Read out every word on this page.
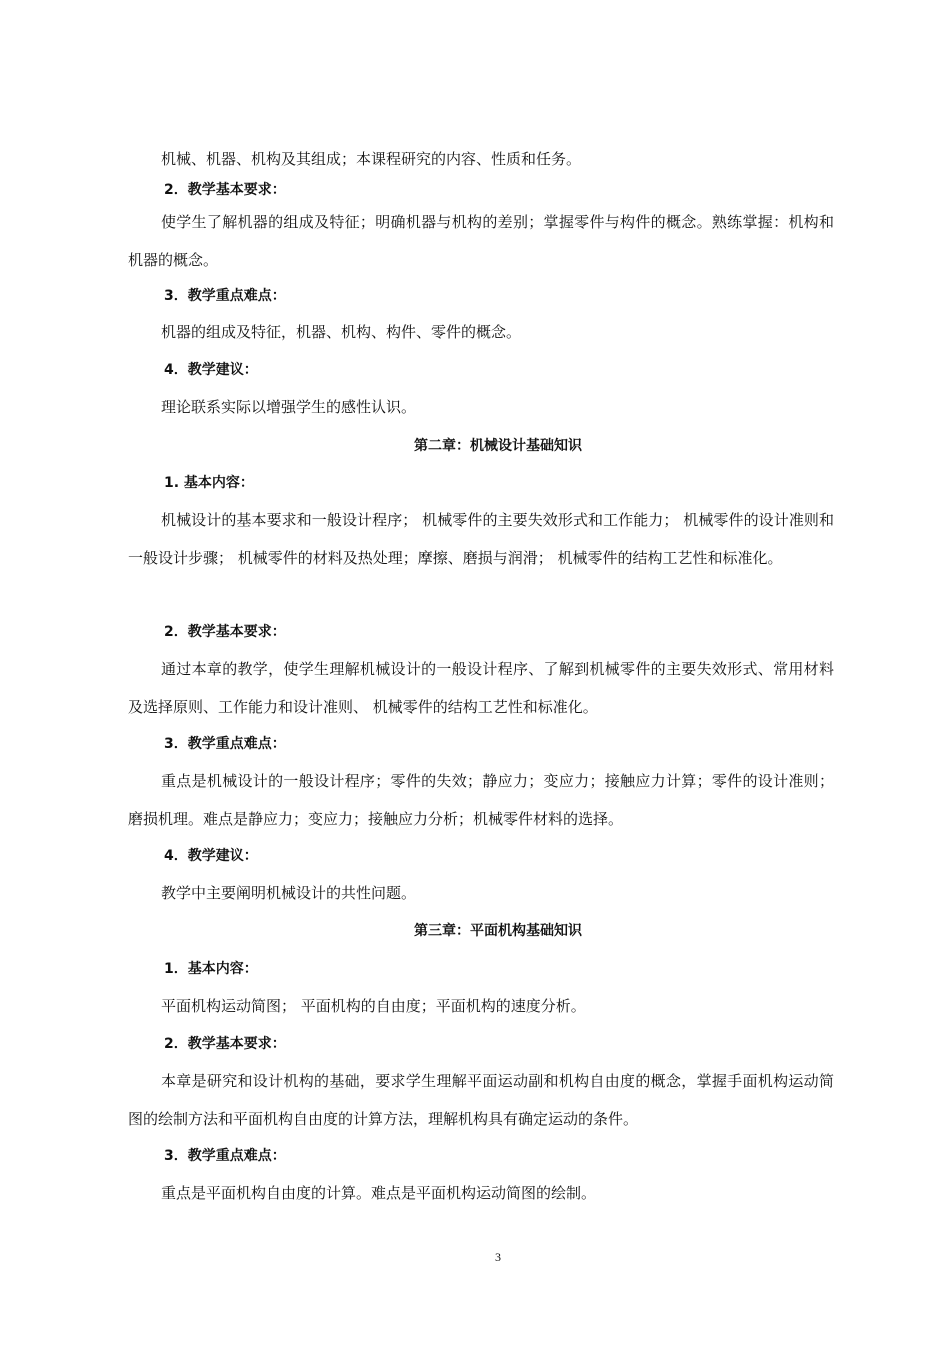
机械、机器、机构及其组成；本课程研究的内容、性质和任务。

2．教学基本要求：

使学生了解机器的组成及特征；明确机器与机构的差别；掌握零件与构件的概念。熟练掌握：机构和机器的概念。

3．教学重点难点：

机器的组成及特征，机器、机构、构件、零件的概念。

4．教学建议：

理论联系实际以增强学生的感性认识。

第二章：机械设计基础知识

1. 基本内容：

机械设计的基本要求和一般设计程序； 机械零件的主要失效形式和工作能力； 机械零件的设计准则和一般设计步骤； 机械零件的材料及热处理；摩擦、磨损与润滑； 机械零件的结构工艺性和标准化。

2．教学基本要求：

通过本章的教学，使学生理解机械设计的一般设计程序、了解到机械零件的主要失效形式、常用材料及选择原则、工作能力和设计准则、 机械零件的结构工艺性和标准化。

3．教学重点难点：

重点是机械设计的一般设计程序；零件的失效；静应力；变应力；接触应力计算；零件的设计准则；磨损机理。难点是静应力；变应力；接触应力分析；机械零件材料的选择。

4．教学建议：

教学中主要阐明机械设计的共性问题。

第三章：平面机构基础知识

1．基本内容：

平面机构运动简图； 平面机构的自由度；平面机构的速度分析。

2．教学基本要求：

本章是研究和设计机构的基础，要求学生理解平面运动副和机构自由度的概念，掌握手面机构运动简图的绘制方法和平面机构自由度的计算方法，理解机构具有确定运动的条件。

3．教学重点难点：

重点是平面机构自由度的计算。难点是平面机构运动简图的绘制。

3
